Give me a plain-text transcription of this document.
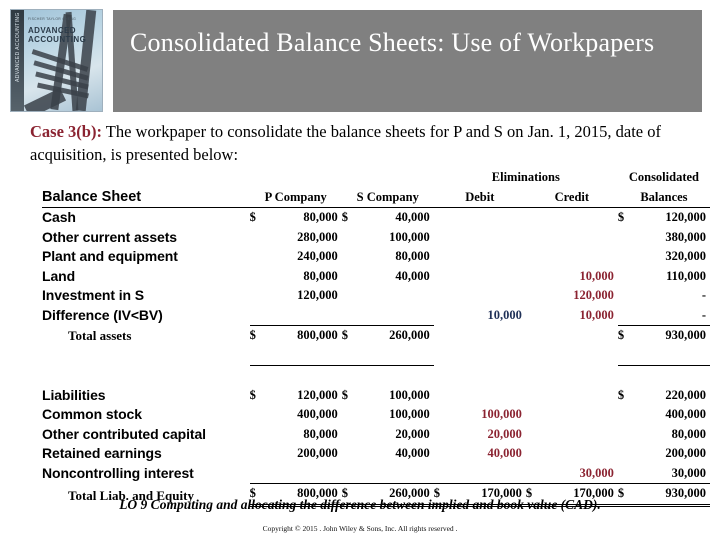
ADVANCED ACCOUNTING FISCHER TAYLOR CHENG
ADVANCED
ACCOUNTING Consolidated Balance Sheets: Use of Workpapers
Case 3(b): The workpaper to consolidate the balance sheets for P and S on Jan. 1, 2015, date of acquisition, is presented below:
					Eliminations				Consolidated	
Balance Sheet	P Company		S Company		Debit		Credit		Balances	
Cash	$	80,000	$	40,000					$	120,000
Other current assets		280,000		100,000						380,000
Plant and equipment		240,000		80,000						320,000
Land		80,000		40,000				10,000		110,000
Investment in S		120,000						120,000		-
Difference (IV<BV)						10,000		10,000		-
Total assets	$	800,000	$	260,000					$	930,000

Liabilities	$	120,000	$	100,000					$	220,000
Common stock		400,000		100,000		100,000				400,000
Other contributed capital		80,000		20,000		20,000				80,000
Retained earnings		200,000		40,000		40,000				200,000
Noncontrolling interest								30,000		30,000
Total Liab. and Equity	$	800,000	$	260,000	$	170,000	$	170,000	$	930,000
LO 9 Computing and allocating the difference between implied and book value (CAD).
Copyright © 2015 . John Wiley & Sons, Inc. All rights reserved .
